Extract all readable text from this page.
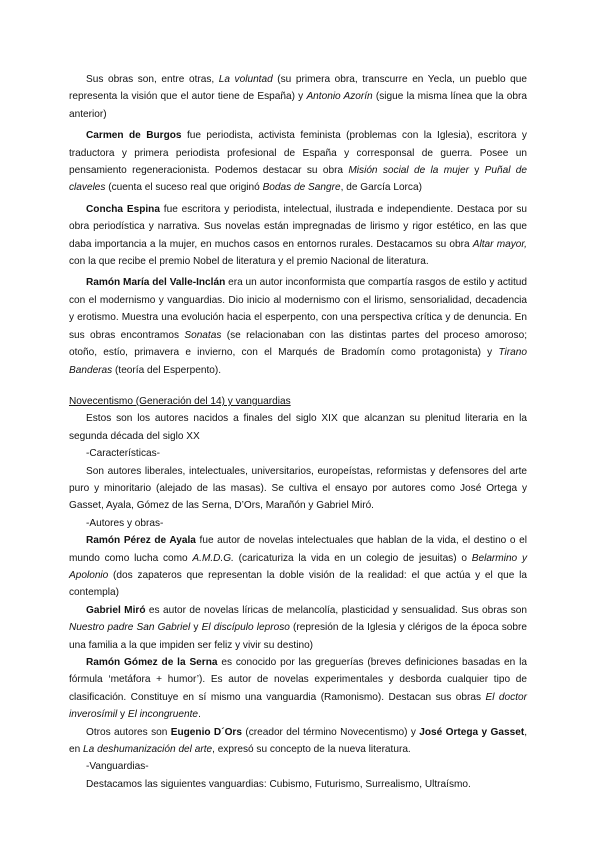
Sus obras son, entre otras, La voluntad (su primera obra, transcurre en Yecla, un pueblo que representa la visión que el autor tiene de España) y Antonio Azorín (sigue la misma línea que la obra anterior)

Carmen de Burgos fue periodista, activista feminista (problemas con la Iglesia), escritora y traductora y primera periodista profesional de España y corresponsal de guerra. Posee un pensamiento regeneracionista. Podemos destacar su obra Misión social de la mujer y Puñal de claveles (cuenta el suceso real que originó Bodas de Sangre, de García Lorca)

Concha Espina fue escritora y periodista, intelectual, ilustrada e independiente. Destaca por su obra periodística y narrativa. Sus novelas están impregnadas de lirismo y rigor estético, en las que daba importancia a la mujer, en muchos casos en entornos rurales. Destacamos su obra Altar mayor, con la que recibe el premio Nobel de literatura y el premio Nacional de literatura.

Ramón María del Valle-Inclán era un autor inconformista que compartía rasgos de estilo y actitud con el modernismo y vanguardias. Dio inicio al modernismo con el lirismo, sensorialidad, decadencia y erotismo. Muestra una evolución hacia el esperpento, con una perspectiva crítica y de denuncia. En sus obras encontramos Sonatas (se relacionaban con las distintas partes del proceso amoroso; otoño, estío, primavera e invierno, con el Marqués de Bradomín como protagonista) y Tirano Banderas (teoría del Esperpento).

Novecentismo (Generación del 14) y vanguardias

Estos son los autores nacidos a finales del siglo XIX que alcanzan su plenitud literaria en la segunda década del siglo XX

-Características-

Son autores liberales, intelectuales, universitarios, europeístas, reformistas y defensores del arte puro y minoritario (alejado de las masas). Se cultiva el ensayo por autores como José Ortega y Gasset, Ayala, Gómez de las Serna, D’Ors, Marañón y Gabriel Miró.

-Autores y obras-

Ramón Pérez de Ayala fue autor de novelas intelectuales que hablan de la vida, el destino o el mundo como lucha como A.M.D.G. (caricaturiza la vida en un colegio de jesuitas) o Belarmino y Apolonio (dos zapateros que representan la doble visión de la realidad: el que actúa y el que la contempla)

Gabriel Miró es autor de novelas líricas de melancolía, plasticidad y sensualidad. Sus obras son Nuestro padre San Gabriel y El discípulo leproso (represión de la Iglesia y clérigos de la época sobre una familia a la que impiden ser feliz y vivir su destino)

Ramón Gómez de la Serna es conocido por las greguerías (breves definiciones basadas en la fórmula ‘metáfora + humor’). Es autor de novelas experimentales y desborda cualquier tipo de clasificación. Constituye en sí mismo una vanguardia (Ramonismo). Destacan sus obras El doctor inverosímil y El incongruente.

Otros autores son Eugenio D´Ors (creador del término Novecentismo) y José Ortega y Gasset, en La deshumanización del arte, expresó su concepto de la nueva literatura.

-Vanguardias-

Destacamos las siguientes vanguardias: Cubismo, Futurismo, Surrealismo, Ultraísmo.
